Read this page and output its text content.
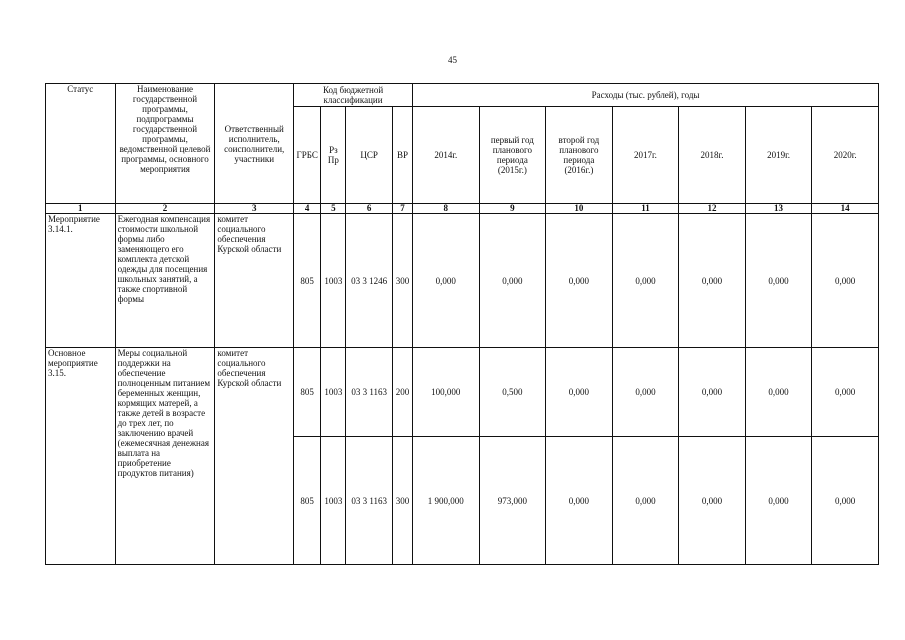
45
Статус	Наименование государственной программы, подпрограммы государственной программы, ведомственной целевой программы, основного мероприятия	Ответственный исполнитель, соисполнители, участники	Код бюджетной классификации				Расходы (тыс. рублей), годы						
			ГРБС	Рз Пр	ЦСР	ВР	2014г.	первый год планового периода (2015г.)	второй год планового периода (2016г.)	2017г.	2018г.	2019г.	2020г.
1	2	3	4	5	6	7	8	9	10	11	12	13	14
Мероприятие 3.14.1.	Ежегодная компенсация стоимости школьной формы либо заменяющего его комплекта детской одежды для посещения школьных занятий, а также спортивной формы	комитет социального обеспечения Курской области	805	1003	03 3 1246	300	0,000	0,000	0,000	0,000	0,000	0,000	0,000
Основное мероприятие 3.15.	Меры социальной поддержки на обеспечение полноценным питанием беременных женщин, кормящих матерей, а также детей в возрасте до трех лет, по заключению врачей (ежемесячная денежная выплата на приобретение продуктов питания)	комитет социального обеспечения Курской области	805	1003	03 3 1163	200	100,000	0,500	0,000	0,000	0,000	0,000	0,000
			805	1003	03 3 1163	300	1 900,000	973,000	0,000	0,000	0,000	0,000	0,000
